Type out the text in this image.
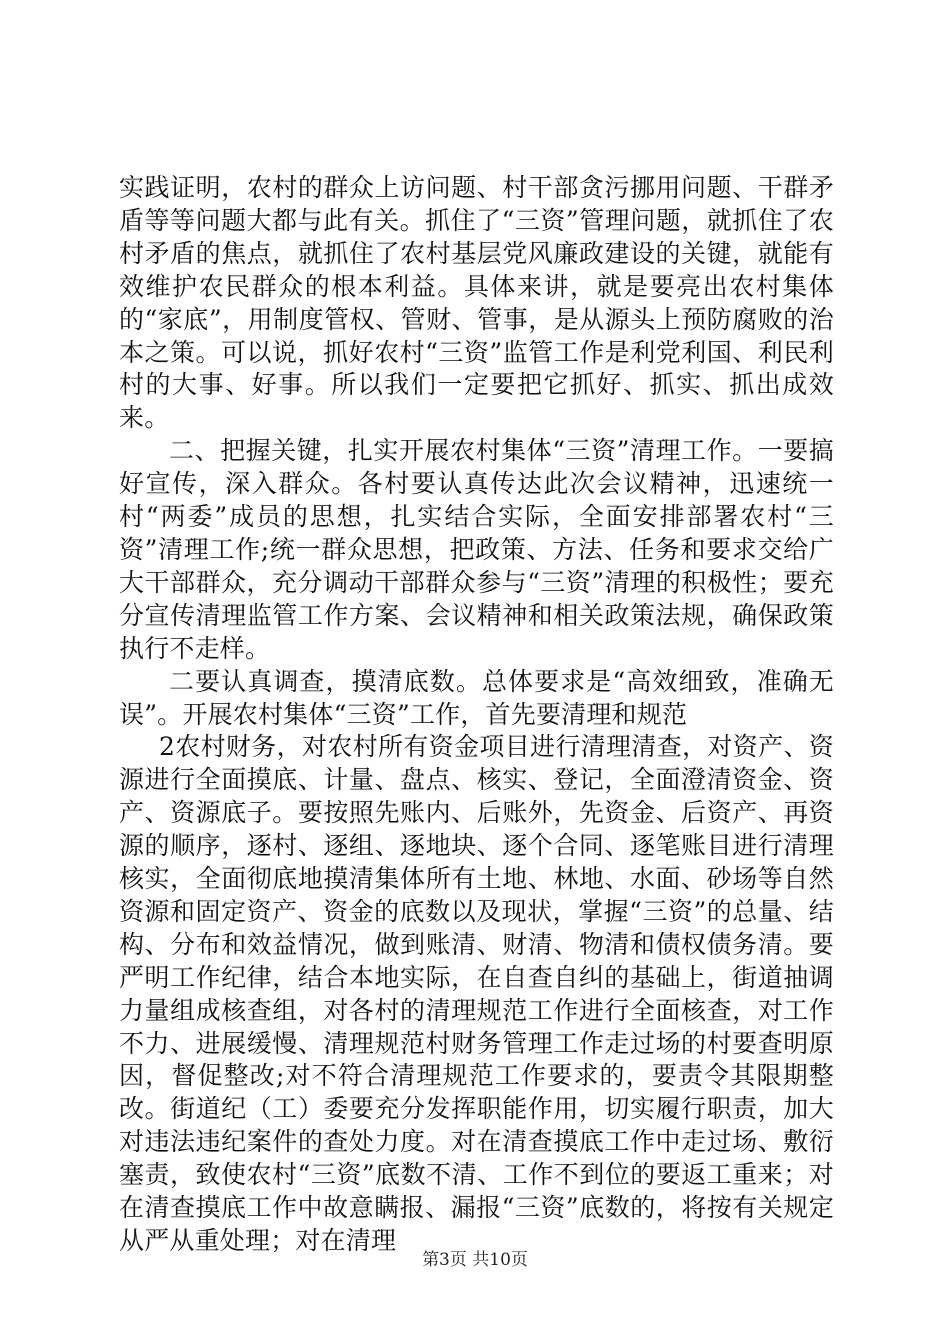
实践证明，农村的群众上访问题、村干部贪污挪用问题、干群矛盾等等问题大都与此有关。抓住了“三资”管理问题，就抓住了农村矛盾的焦点，就抓住了农村基层党风廉政建设的关键，就能有效维护农民群众的根本利益。具体来讲，就是要亮出农村集体的“家底”，用制度管权、管财、管事，是从源头上预防腐败的治本之策。可以说，抓好农村“三资”监管工作是利党利国、利民利村的大事、好事。所以我们一定要把它抓好、抓实、抓出成效来。

二、把握关键，扎实开展农村集体“三资”清理工作。一要搞好宣传，深入群众。各村要认真传达此次会议精神，迅速统一村“两委”成员的思想，扎实结合实际，全面安排部署农村“三资”清理工作;统一群众思想，把政策、方法、任务和要求交给广大干部群众，充分调动干部群众参与“三资”清理的积极性；要充分宣传清理监管工作方案、会议精神和相关政策法规，确保政策执行不走样。

二要认真调查，摸清底数。总体要求是“高效细致，准确无误”。开展农村集体“三资”工作，首先要清理和规范

2农村财务，对农村所有资金项目进行清理清查，对资产、资源进行全面摸底、计量、盘点、核实、登记，全面澄清资金、资产、资源底子。要按照先账内、后账外，先资金、后资产、再资源的顺序，逐村、逐组、逐地块、逐个合同、逐笔账目进行清理核实，全面彻底地摸清集体所有土地、林地、水面、砂场等自然资源和固定资产、资金的底数以及现状，掌握“三资”的总量、结构、分布和效益情况，做到账清、财清、物清和债权债务清。要严明工作纪律，结合本地实际，在自查自纠的基础上，街道抽调力量组成核查组，对各村的清理规范工作进行全面核查，对工作不力、进展缓慢、清理规范村财务管理工作走过场的村要查明原因，督促整改;对不符合清理规范工作要求的，要责令其限期整改。街道纪（工）委要充分发挥职能作用，切实履行职责，加大对违法违纪案件的查处力度。对在清查摸底工作中走过场、敷衍塞责，致使农村“三资”底数不清、工作不到位的要返工重来；对在清查摸底工作中故意瞒报、漏报“三资”底数的，将按有关规定从严从重处理；对在清理

第3页 共10页
